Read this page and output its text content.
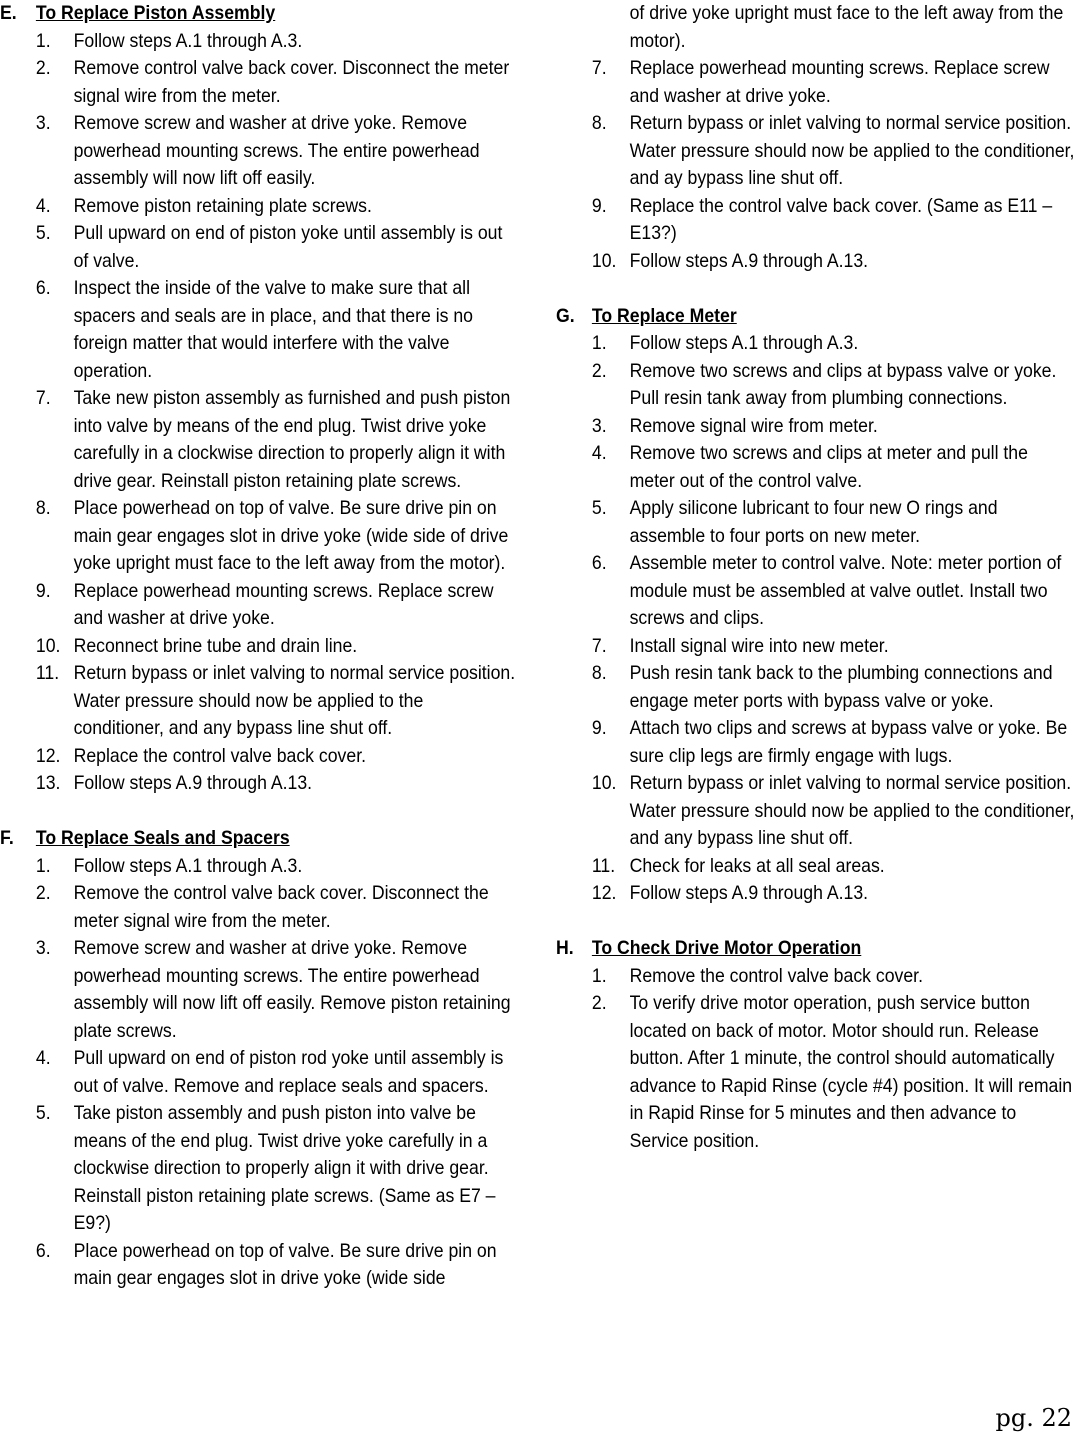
E. To Replace Piston Assembly
1.	Follow steps A.1 through A.3.
2.	Remove control valve back cover. Disconnect the meter signal wire from the meter.
3.	Remove screw and washer at drive yoke. Remove powerhead mounting screws. The entire powerhead assembly will now lift off easily.
4.	Remove piston retaining plate screws.
5.	Pull upward on end of piston yoke until assembly is out of valve.
6.	Inspect the inside of the valve to make sure that all spacers and seals are in place, and that there is no foreign matter that would interfere with the valve operation.
7.	Take new piston assembly as furnished and push piston into valve by means of the end plug. Twist drive yoke carefully in a clockwise direction to properly align it with drive gear. Reinstall piston retaining plate screws.
8.	Place powerhead on top of valve. Be sure drive pin on main gear engages slot in drive yoke (wide side of drive yoke upright must face to the left away from the motor).
9.	Replace powerhead mounting screws. Replace screw and washer at drive yoke.
10. Reconnect brine tube and drain line.
11. Return bypass or inlet valving to normal service position. Water pressure should now be applied to the conditioner, and any bypass line shut off.
12. Replace the control valve back cover.
13. Follow steps A.9 through A.13.
F.	To Replace Seals and Spacers
1.	Follow steps A.1 through A.3.
2.	Remove the control valve back cover. Disconnect the meter signal wire from the meter.
3.	Remove screw and washer at drive yoke. Remove powerhead mounting screws. The entire powerhead assembly will now lift off easily. Remove piston retaining plate screws.
4.	Pull upward on end of piston rod yoke until assembly is out of valve. Remove and replace seals and spacers.
5.	Take piston assembly and push piston into valve be means of the end plug. Twist drive yoke carefully in a clockwise direction to properly align it with drive gear. Reinstall piston retaining plate screws. (Same as E7 – E9?)
6.	Place powerhead on top of valve. Be sure drive pin on main gear engages slot in drive yoke (wide side
of drive yoke upright must face to the left away from the motor).
7.	Replace powerhead mounting screws. Replace screw and washer at drive yoke.
8.	Return bypass or inlet valving to normal service position. Water pressure should now be applied to the conditioner, and ay bypass line shut off.
9.	Replace the control valve back cover. (Same as E11 – E13?)
10. Follow steps A.9 through A.13.
G. To Replace Meter
1.	Follow steps A.1 through A.3.
2.	Remove two screws and clips at bypass valve or yoke. Pull resin tank away from plumbing connections.
3.	Remove signal wire from meter.
4.	Remove two screws and clips at meter and pull the meter out of the control valve.
5.	Apply silicone lubricant to four new O rings and assemble to four ports on new meter.
6.	Assemble meter to control valve. Note: meter portion of module must be assembled at valve outlet. Install two screws and clips.
7.	Install signal wire into new meter.
8.	Push resin tank back to the plumbing connections and engage meter ports with bypass valve or yoke.
9.	Attach two clips and screws at bypass valve or yoke. Be sure clip legs are firmly engage with lugs.
10. Return bypass or inlet valving to normal service position. Water pressure should now be applied to the conditioner, and any bypass line shut off.
11. Check for leaks at all seal areas.
12. Follow steps A.9 through A.13.
H. To Check Drive Motor Operation
1.	Remove the control valve back cover.
2.	To verify drive motor operation, push service button located on back of motor. Motor should run. Release button. After 1 minute, the control should automatically advance to Rapid Rinse (cycle #4) position. It will remain in Rapid Rinse for 5 minutes and then advance to Service position.
pg. 22
